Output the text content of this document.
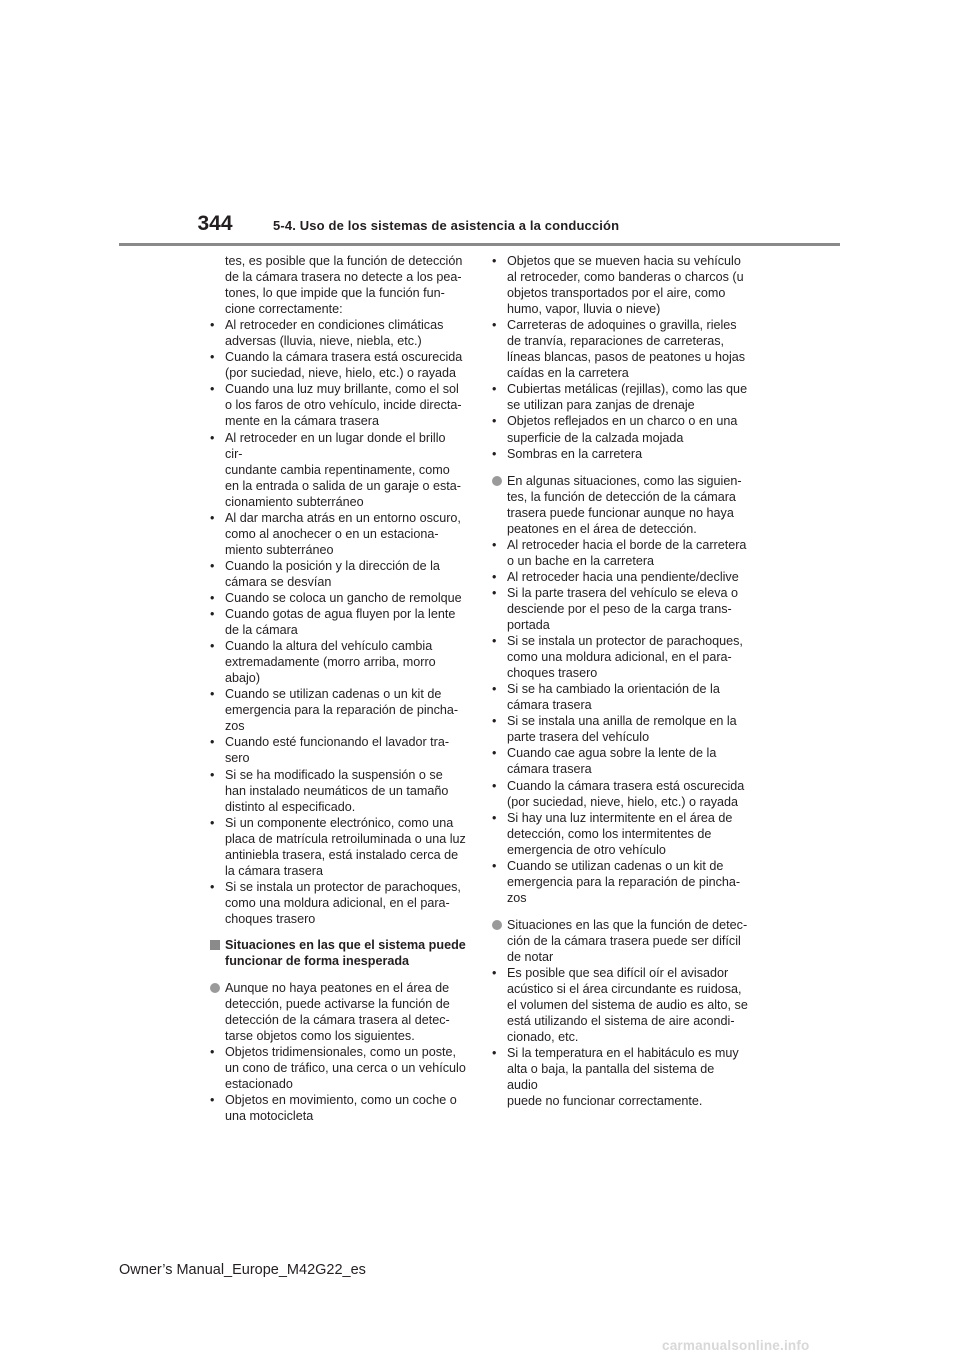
344	5-4. Uso de los sistemas de asistencia a la conducción
tes, es posible que la función de detección
de la cámara trasera no detecte a los pea-
tones, lo que impide que la función fun-
cione correctamente:
• Al retroceder en condiciones climáticas
adversas (lluvia, nieve, niebla, etc.)
• Cuando la cámara trasera está oscurecida
(por suciedad, nieve, hielo, etc.) o rayada
• Cuando una luz muy brillante, como el sol
o los faros de otro vehículo, incide directa-
mente en la cámara trasera
• Al retroceder en un lugar donde el brillo cir-
cundante cambia repentinamente, como
en la entrada o salida de un garaje o esta-
cionamiento subterráneo
• Al dar marcha atrás en un entorno oscuro,
como al anochecer o en un estaciona-
miento subterráneo
• Cuando la posición y la dirección de la
cámara se desvían
• Cuando se coloca un gancho de remolque
• Cuando gotas de agua fluyen por la lente
de la cámara
• Cuando la altura del vehículo cambia
extremadamente (morro arriba, morro
abajo)
• Cuando se utilizan cadenas o un kit de
emergencia para la reparación de pincha-
zos
• Cuando esté funcionando el lavador tra-
sero
• Si se ha modificado la suspensión o se
han instalado neumáticos de un tamaño
distinto al especificado.
• Si un componente electrónico, como una
placa de matrícula retroiluminada o una luz
antiniebla trasera, está instalado cerca de
la cámara trasera
• Si se instala un protector de parachoques,
como una moldura adicional, en el para-
choques trasero
Situaciones en las que el sistema puede
funcionar de forma inesperada
Aunque no haya peatones en el área de
detección, puede activarse la función de
detección de la cámara trasera al detec-
tarse objetos como los siguientes.
• Objetos tridimensionales, como un poste,
un cono de tráfico, una cerca o un vehículo
estacionado
• Objetos en movimiento, como un coche o
una motocicleta
• Objetos que se mueven hacia su vehículo
al retroceder, como banderas o charcos (u
objetos transportados por el aire, como
humo, vapor, lluvia o nieve)
• Carreteras de adoquines o gravilla, rieles
de tranvía, reparaciones de carreteras,
líneas blancas, pasos de peatones u hojas
caídas en la carretera
• Cubiertas metálicas (rejillas), como las que
se utilizan para zanjas de drenaje
• Objetos reflejados en un charco o en una
superficie de la calzada mojada
• Sombras en la carretera
En algunas situaciones, como las siguien-
tes, la función de detección de la cámara
trasera puede funcionar aunque no haya
peatones en el área de detección.
• Al retroceder hacia el borde de la carretera
o un bache en la carretera
• Al retroceder hacia una pendiente/declive
• Si la parte trasera del vehículo se eleva o
desciende por el peso de la carga trans-
portada
• Si se instala un protector de parachoques,
como una moldura adicional, en el para-
choques trasero
• Si se ha cambiado la orientación de la
cámara trasera
• Si se instala una anilla de remolque en la
parte trasera del vehículo
• Cuando cae agua sobre la lente de la
cámara trasera
• Cuando la cámara trasera está oscurecida
(por suciedad, nieve, hielo, etc.) o rayada
• Si hay una luz intermitente en el área de
detección, como los intermitentes de
emergencia de otro vehículo
• Cuando se utilizan cadenas o un kit de
emergencia para la reparación de pincha-
zos
Situaciones en las que la función de detec-
ción de la cámara trasera puede ser difícil
de notar
• Es posible que sea difícil oír el avisador
acústico si el área circundante es ruidosa,
el volumen del sistema de audio es alto, se
está utilizando el sistema de aire acondi-
cionado, etc.
• Si la temperatura en el habitáculo es muy
alta o baja, la pantalla del sistema de audio
puede no funcionar correctamente.
Owner’s Manual_Europe_M42G22_es
carmanualsonline.info
